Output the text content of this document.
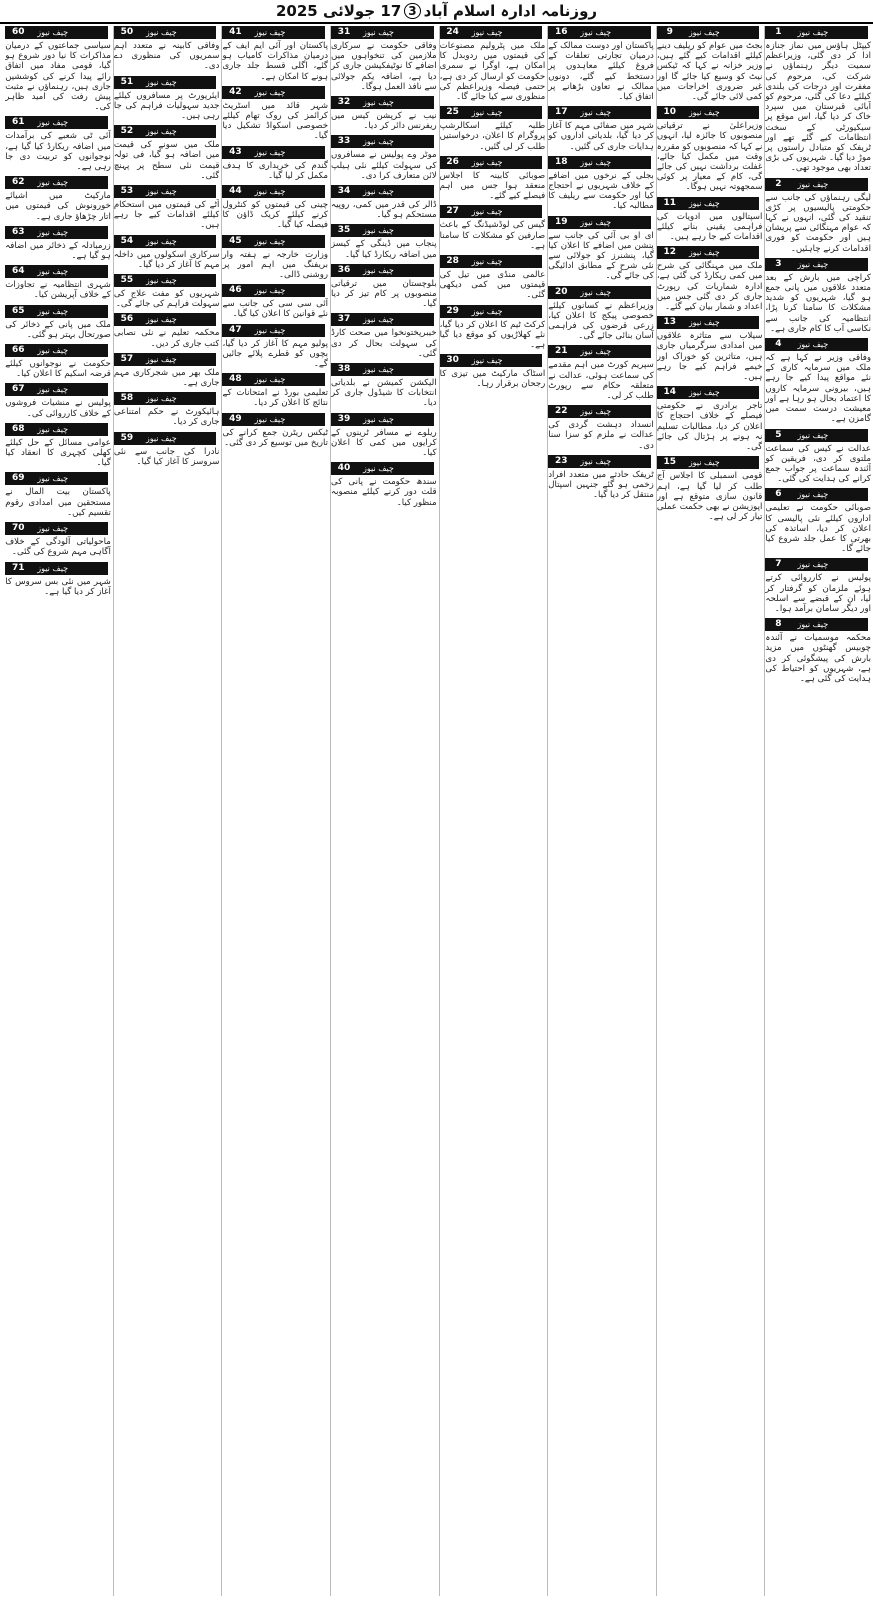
روزنامہ ادارہ

اسلام آباد
3
17

جولائی

2025
چیف نیوز
1
کیپٹل ہاؤس میں نماز جنازہ ادا کر دی گئی، وزیراعظم سمیت دیگر رہنماؤں نے شرکت کی، مرحوم کی مغفرت اور درجات کی بلندی کیلئے دعا کی گئی، مرحوم کو آبائی قبرستان میں سپرد خاک کر دیا گیا، اس موقع پر سیکیورٹی کے سخت انتظامات کیے گئے تھے اور ٹریفک کو متبادل راستوں پر موڑ دیا گیا۔ شہریوں کی بڑی تعداد بھی موجود تھی۔
چیف نیوز
2
لیگی رہنماؤں کی جانب سے حکومتی پالیسیوں پر کڑی تنقید کی گئی، انہوں نے کہا کہ عوام مہنگائی سے پریشان ہیں اور حکومت کو فوری اقدامات کرنے چاہئیں۔
چیف نیوز
3
کراچی میں بارش کے بعد متعدد علاقوں میں پانی جمع ہو گیا، شہریوں کو شدید مشکلات کا سامنا کرنا پڑا، انتظامیہ کی جانب سے نکاسی آب کا کام جاری ہے۔
چیف نیوز
4
وفاقی وزیر نے کہا ہے کہ ملک میں سرمایہ کاری کے نئے مواقع پیدا کیے جا رہے ہیں، بیرونی سرمایہ کاروں کا اعتماد بحال ہو رہا ہے اور معیشت درست سمت میں گامزن ہے۔
چیف نیوز
5
عدالت نے کیس کی سماعت ملتوی کر دی، فریقین کو آئندہ سماعت پر جواب جمع کرانے کی ہدایت کی گئی۔
چیف نیوز
6
صوبائی حکومت نے تعلیمی اداروں کیلئے نئی پالیسی کا اعلان کر دیا، اساتذہ کی بھرتی کا عمل جلد شروع کیا جائے گا۔
چیف نیوز
7
پولیس نے کارروائی کرتے ہوئے ملزمان کو گرفتار کر لیا، ان کے قبضے سے اسلحہ اور دیگر سامان برآمد ہوا۔
چیف نیوز
8
محکمہ موسمیات نے آئندہ چوبیس گھنٹوں میں مزید بارش کی پیشگوئی کر دی ہے، شہریوں کو احتیاط کی ہدایت کی گئی ہے۔
چیف نیوز
9
بجٹ میں عوام کو ریلیف دینے کیلئے اقدامات کیے گئے ہیں، وزیر خزانہ نے کہا کہ ٹیکس نیٹ کو وسیع کیا جائے گا اور غیر ضروری اخراجات میں کمی لائی جائے گی۔
چیف نیوز
10
وزیراعلیٰ نے ترقیاتی منصوبوں کا جائزہ لیا، انہوں نے کہا کہ منصوبوں کو مقررہ وقت میں مکمل کیا جائے، غفلت برداشت نہیں کی جائے گی، کام کے معیار پر کوئی سمجھوتہ نہیں ہوگا۔
چیف نیوز
11
اسپتالوں میں ادویات کی فراہمی یقینی بنانے کیلئے اقدامات کیے جا رہے ہیں۔
چیف نیوز
12
ملک میں مہنگائی کی شرح میں کمی ریکارڈ کی گئی ہے، ادارہ شماریات کی رپورٹ جاری کر دی گئی جس میں اعداد و شمار بیان کیے گئے۔
چیف نیوز
13
سیلاب سے متاثرہ علاقوں میں امدادی سرگرمیاں جاری ہیں، متاثرین کو خوراک اور خیمے فراہم کیے جا رہے ہیں۔
چیف نیوز
14
تاجر برادری نے حکومتی فیصلے کے خلاف احتجاج کا اعلان کر دیا، مطالبات تسلیم نہ ہونے پر ہڑتال کی جائے گی۔
چیف نیوز
15
قومی اسمبلی کا اجلاس آج طلب کر لیا گیا ہے، اہم قانون سازی متوقع ہے اور اپوزیشن نے بھی حکمت عملی تیار کر لی ہے۔
چیف نیوز
16
پاکستان اور دوست ممالک کے درمیان تجارتی تعلقات کے فروغ کیلئے معاہدوں پر دستخط کیے گئے، دونوں ممالک نے تعاون بڑھانے پر اتفاق کیا۔
چیف نیوز
17
شہر میں صفائی مہم کا آغاز کر دیا گیا، بلدیاتی اداروں کو ہدایات جاری کی گئیں۔
چیف نیوز
18
بجلی کے نرخوں میں اضافے کے خلاف شہریوں نے احتجاج کیا اور حکومت سے ریلیف کا مطالبہ کیا۔
چیف نیوز
19
ای او بی آئی کی جانب سے پنشن میں اضافے کا اعلان کیا گیا، پنشنرز کو جولائی سے نئی شرح کے مطابق ادائیگی کی جائے گی۔
چیف نیوز
20
وزیراعظم نے کسانوں کیلئے خصوصی پیکج کا اعلان کیا، زرعی قرضوں کی فراہمی آسان بنائی جائے گی۔
چیف نیوز
21
سپریم کورٹ میں اہم مقدمے کی سماعت ہوئی، عدالت نے متعلقہ حکام سے رپورٹ طلب کر لی۔
چیف نیوز
22
انسداد دہشت گردی کی عدالت نے ملزم کو سزا سنا دی۔
چیف نیوز
23
ٹریفک حادثے میں متعدد افراد زخمی ہو گئے جنہیں اسپتال منتقل کر دیا گیا۔
چیف نیوز
24
ملک میں پٹرولیم مصنوعات کی قیمتوں میں ردوبدل کا امکان ہے، اوگرا نے سمری حکومت کو ارسال کر دی ہے، حتمی فیصلہ وزیراعظم کی منظوری سے کیا جائے گا۔
چیف نیوز
25
طلبہ کیلئے اسکالرشپ پروگرام کا اعلان، درخواستیں طلب کر لی گئیں۔
چیف نیوز
26
صوبائی کابینہ کا اجلاس منعقد ہوا جس میں اہم فیصلے کیے گئے۔
چیف نیوز
27
گیس کی لوڈشیڈنگ کے باعث صارفین کو مشکلات کا سامنا ہے۔
چیف نیوز
28
عالمی منڈی میں تیل کی قیمتوں میں کمی دیکھی گئی۔
چیف نیوز
29
کرکٹ ٹیم کا اعلان کر دیا گیا، نئے کھلاڑیوں کو موقع دیا گیا ہے۔
چیف نیوز
30
اسٹاک مارکیٹ میں تیزی کا رجحان برقرار رہا۔
چیف نیوز
31
وفاقی حکومت نے سرکاری ملازمین کی تنخواہوں میں اضافے کا نوٹیفکیشن جاری کر دیا ہے، اضافہ یکم جولائی سے نافذ العمل ہوگا۔
چیف نیوز
32
نیب نے کرپشن کیس میں ریفرنس دائر کر دیا۔
چیف نیوز
33
موٹر وے پولیس نے مسافروں کی سہولت کیلئے نئی ہیلپ لائن متعارف کرا دی۔
چیف نیوز
34
ڈالر کی قدر میں کمی، روپیہ مستحکم ہو گیا۔
چیف نیوز
35
پنجاب میں ڈینگی کے کیسز میں اضافہ ریکارڈ کیا گیا۔
چیف نیوز
36
بلوچستان میں ترقیاتی منصوبوں پر کام تیز کر دیا گیا۔
چیف نیوز
37
خیبرپختونخوا میں صحت کارڈ کی سہولت بحال کر دی گئی۔
چیف نیوز
38
الیکشن کمیشن نے بلدیاتی انتخابات کا شیڈول جاری کر دیا۔
چیف نیوز
39
ریلوے نے مسافر ٹرینوں کے کرایوں میں کمی کا اعلان کیا۔
چیف نیوز
40
سندھ حکومت نے پانی کی قلت دور کرنے کیلئے منصوبہ منظور کیا۔
چیف نیوز
41
پاکستان اور آئی ایم ایف کے درمیان مذاکرات کامیاب ہو گئے، اگلی قسط جلد جاری ہونے کا امکان ہے۔
چیف نیوز
42
شہر قائد میں اسٹریٹ کرائمز کی روک تھام کیلئے خصوصی اسکواڈ تشکیل دیا گیا۔
چیف نیوز
43
گندم کی خریداری کا ہدف مکمل کر لیا گیا۔
چیف نیوز
44
چینی کی قیمتوں کو کنٹرول کرنے کیلئے کریک ڈاؤن کا فیصلہ کیا گیا۔
چیف نیوز
45
وزارت خارجہ نے ہفتہ وار بریفنگ میں اہم امور پر روشنی ڈالی۔
چیف نیوز
46
آئی سی سی کی جانب سے نئے قوانین کا اعلان کیا گیا۔
چیف نیوز
47
پولیو مہم کا آغاز کر دیا گیا، بچوں کو قطرے پلائے جائیں گے۔
چیف نیوز
48
تعلیمی بورڈ نے امتحانات کے نتائج کا اعلان کر دیا۔
چیف نیوز
49
ٹیکس ریٹرن جمع کرانے کی تاریخ میں توسیع کر دی گئی۔
چیف نیوز
50
وفاقی کابینہ نے متعدد اہم سمریوں کی منظوری دے دی۔
چیف نیوز
51
ایئرپورٹ پر مسافروں کیلئے جدید سہولیات فراہم کی جا رہی ہیں۔
چیف نیوز
52
ملک میں سونے کی قیمت میں اضافہ ہو گیا، فی تولہ قیمت نئی سطح پر پہنچ گئی۔
چیف نیوز
53
آٹے کی قیمتوں میں استحکام کیلئے اقدامات کیے جا رہے ہیں۔
چیف نیوز
54
سرکاری اسکولوں میں داخلہ مہم کا آغاز کر دیا گیا۔
چیف نیوز
55
شہریوں کو مفت علاج کی سہولت فراہم کی جائے گی۔
چیف نیوز
56
محکمہ تعلیم نے نئی نصابی کتب جاری کر دیں۔
چیف نیوز
57
ملک بھر میں شجرکاری مہم جاری ہے۔
چیف نیوز
58
ہائیکورٹ نے حکم امتناعی جاری کر دیا۔
چیف نیوز
59
نادرا کی جانب سے نئی سروسز کا آغاز کیا گیا۔
چیف نیوز
60
سیاسی جماعتوں کے درمیان مذاکرات کا نیا دور شروع ہو گیا، قومی مفاد میں اتفاق رائے پیدا کرنے کی کوششیں جاری ہیں، رہنماؤں نے مثبت پیش رفت کی امید ظاہر کی۔
چیف نیوز
61
آئی ٹی شعبے کی برآمدات میں اضافہ ریکارڈ کیا گیا ہے، نوجوانوں کو تربیت دی جا رہی ہے۔
چیف نیوز
62
مارکیٹ میں اشیائے خورونوش کی قیمتوں میں اتار چڑھاؤ جاری ہے۔
چیف نیوز
63
زرمبادلہ کے ذخائر میں اضافہ ہو گیا ہے۔
چیف نیوز
64
شہری انتظامیہ نے تجاوزات کے خلاف آپریشن کیا۔
چیف نیوز
65
ملک میں پانی کے ذخائر کی صورتحال بہتر ہو گئی۔
چیف نیوز
66
حکومت نے نوجوانوں کیلئے قرضہ اسکیم کا اعلان کیا۔
چیف نیوز
67
پولیس نے منشیات فروشوں کے خلاف کارروائی کی۔
چیف نیوز
68
عوامی مسائل کے حل کیلئے کھلی کچہری کا انعقاد کیا گیا۔
چیف نیوز
69
پاکستان بیت المال نے مستحقین میں امدادی رقوم تقسیم کیں۔
چیف نیوز
70
ماحولیاتی آلودگی کے خلاف آگاہی مہم شروع کی گئی۔
چیف نیوز
71
شہر میں نئی بس سروس کا آغاز کر دیا گیا ہے۔
